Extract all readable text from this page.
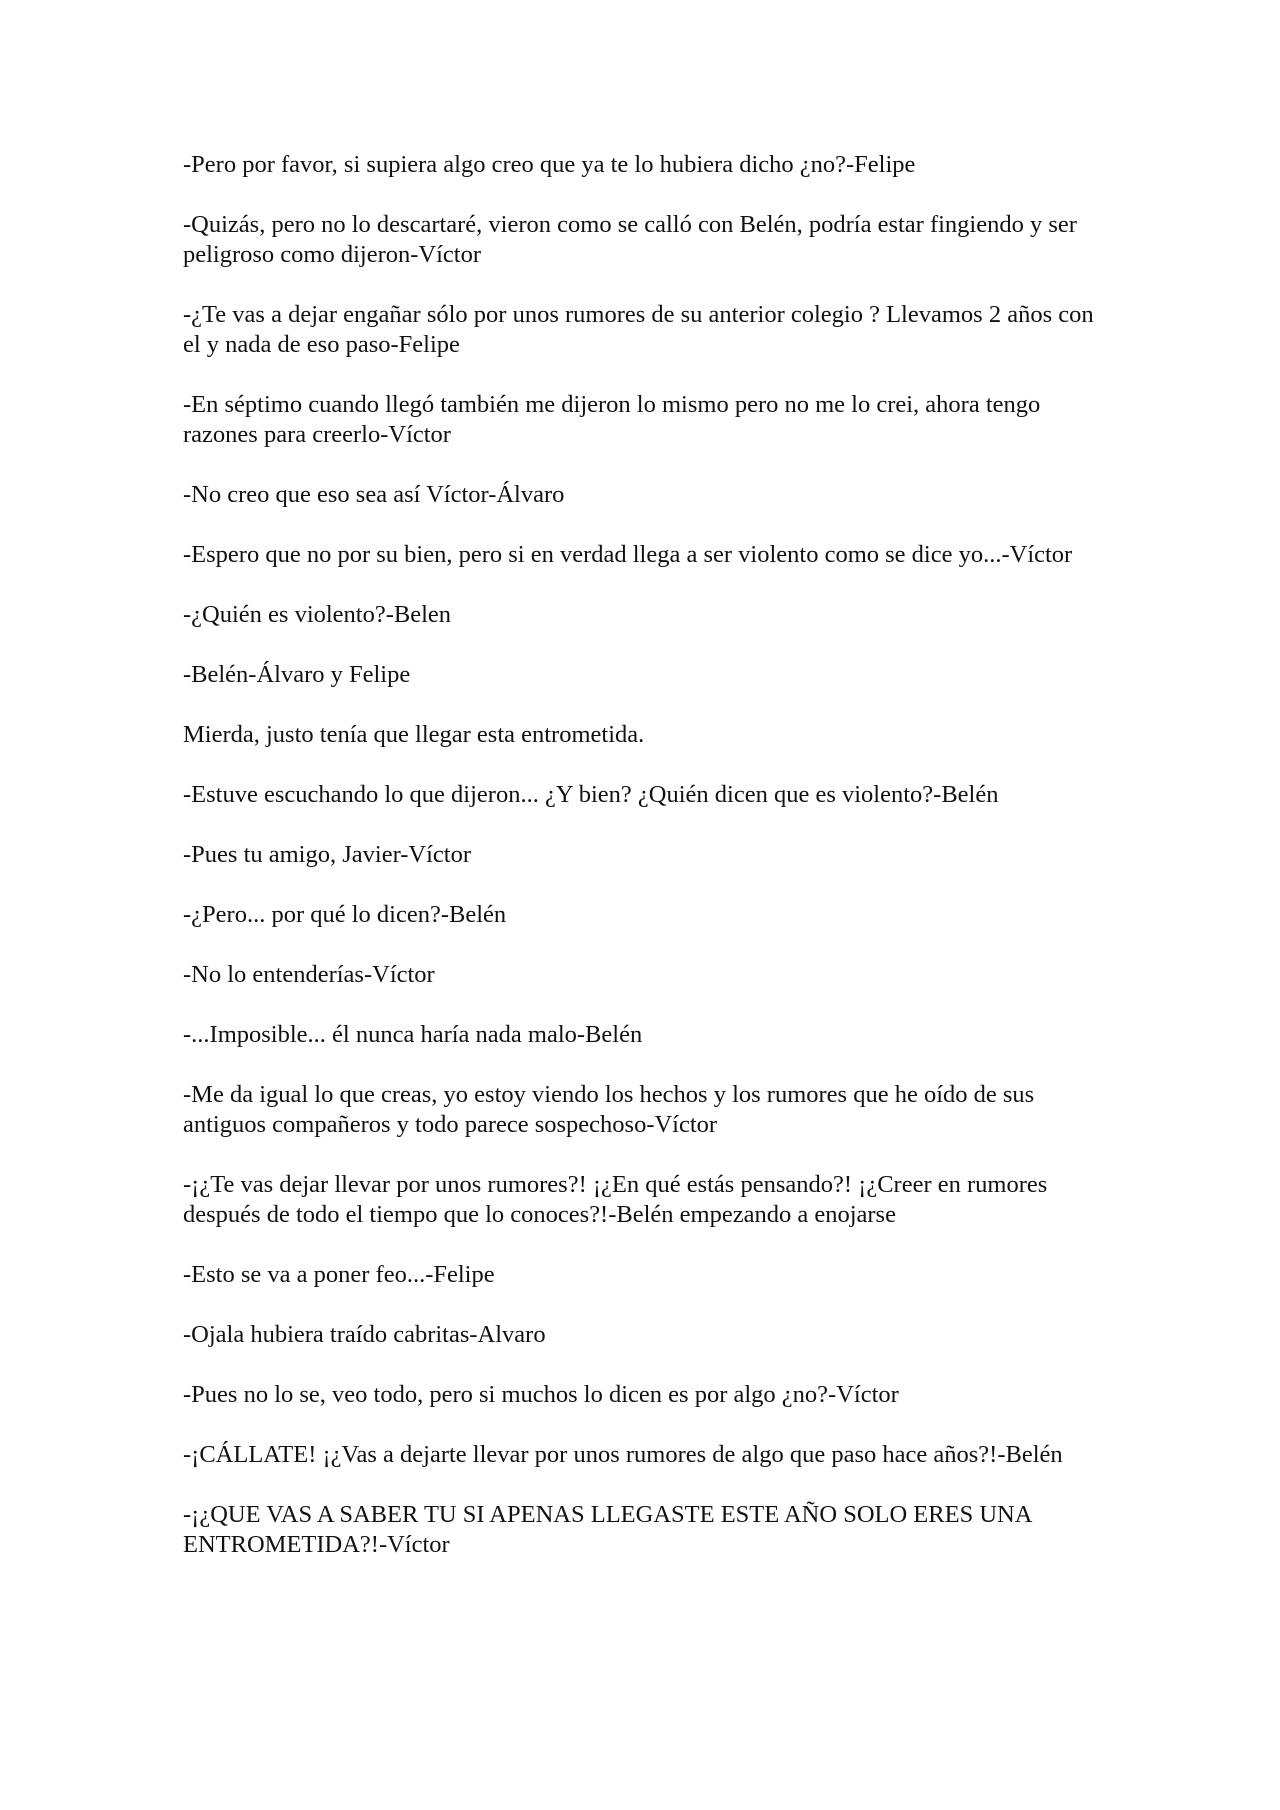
-Pero por favor, si supiera algo creo que ya te lo hubiera dicho ¿no?-Felipe

-Quizás, pero no lo descartaré, vieron como se calló con Belén, podría estar fingiendo y ser peligroso como dijeron-Víctor

-¿Te vas a dejar engañar sólo por unos rumores de su anterior colegio ? Llevamos 2 años con el y nada de eso paso-Felipe

-En séptimo cuando llegó también me dijeron lo mismo pero no me lo crei, ahora tengo razones para creerlo-Víctor

-No creo que eso sea así Víctor-Álvaro

-Espero que no por su bien, pero si en verdad llega a ser violento como se dice yo...-Víctor

-¿Quién es violento?-Belen

-Belén-Álvaro y Felipe

Mierda, justo tenía que llegar esta entrometida.

-Estuve escuchando lo que dijeron... ¿Y bien? ¿Quién dicen que es violento?-Belén

-Pues tu amigo, Javier-Víctor

-¿Pero... por qué lo dicen?-Belén

-No lo entenderías-Víctor

-...Imposible... él nunca haría nada malo-Belén

-Me da igual lo que creas, yo estoy viendo los hechos y los rumores que he oído de sus antiguos compañeros y todo parece sospechoso-Víctor

-¡¿Te vas dejar llevar por unos rumores?! ¡¿En qué estás pensando?! ¡¿Creer en rumores después de todo el tiempo que lo conoces?!-Belén empezando a enojarse

-Esto se va a poner feo...-Felipe

-Ojala hubiera traído cabritas-Alvaro

-Pues no lo se, veo todo, pero si muchos lo dicen es por algo ¿no?-Víctor

-¡CÁLLATE! ¡¿Vas a dejarte llevar por unos rumores de algo que paso hace años?!-Belén

-¡¿QUE VAS A SABER TU SI APENAS LLEGASTE ESTE AÑO SOLO ERES UNA ENTROMETIDA?!-Víctor
